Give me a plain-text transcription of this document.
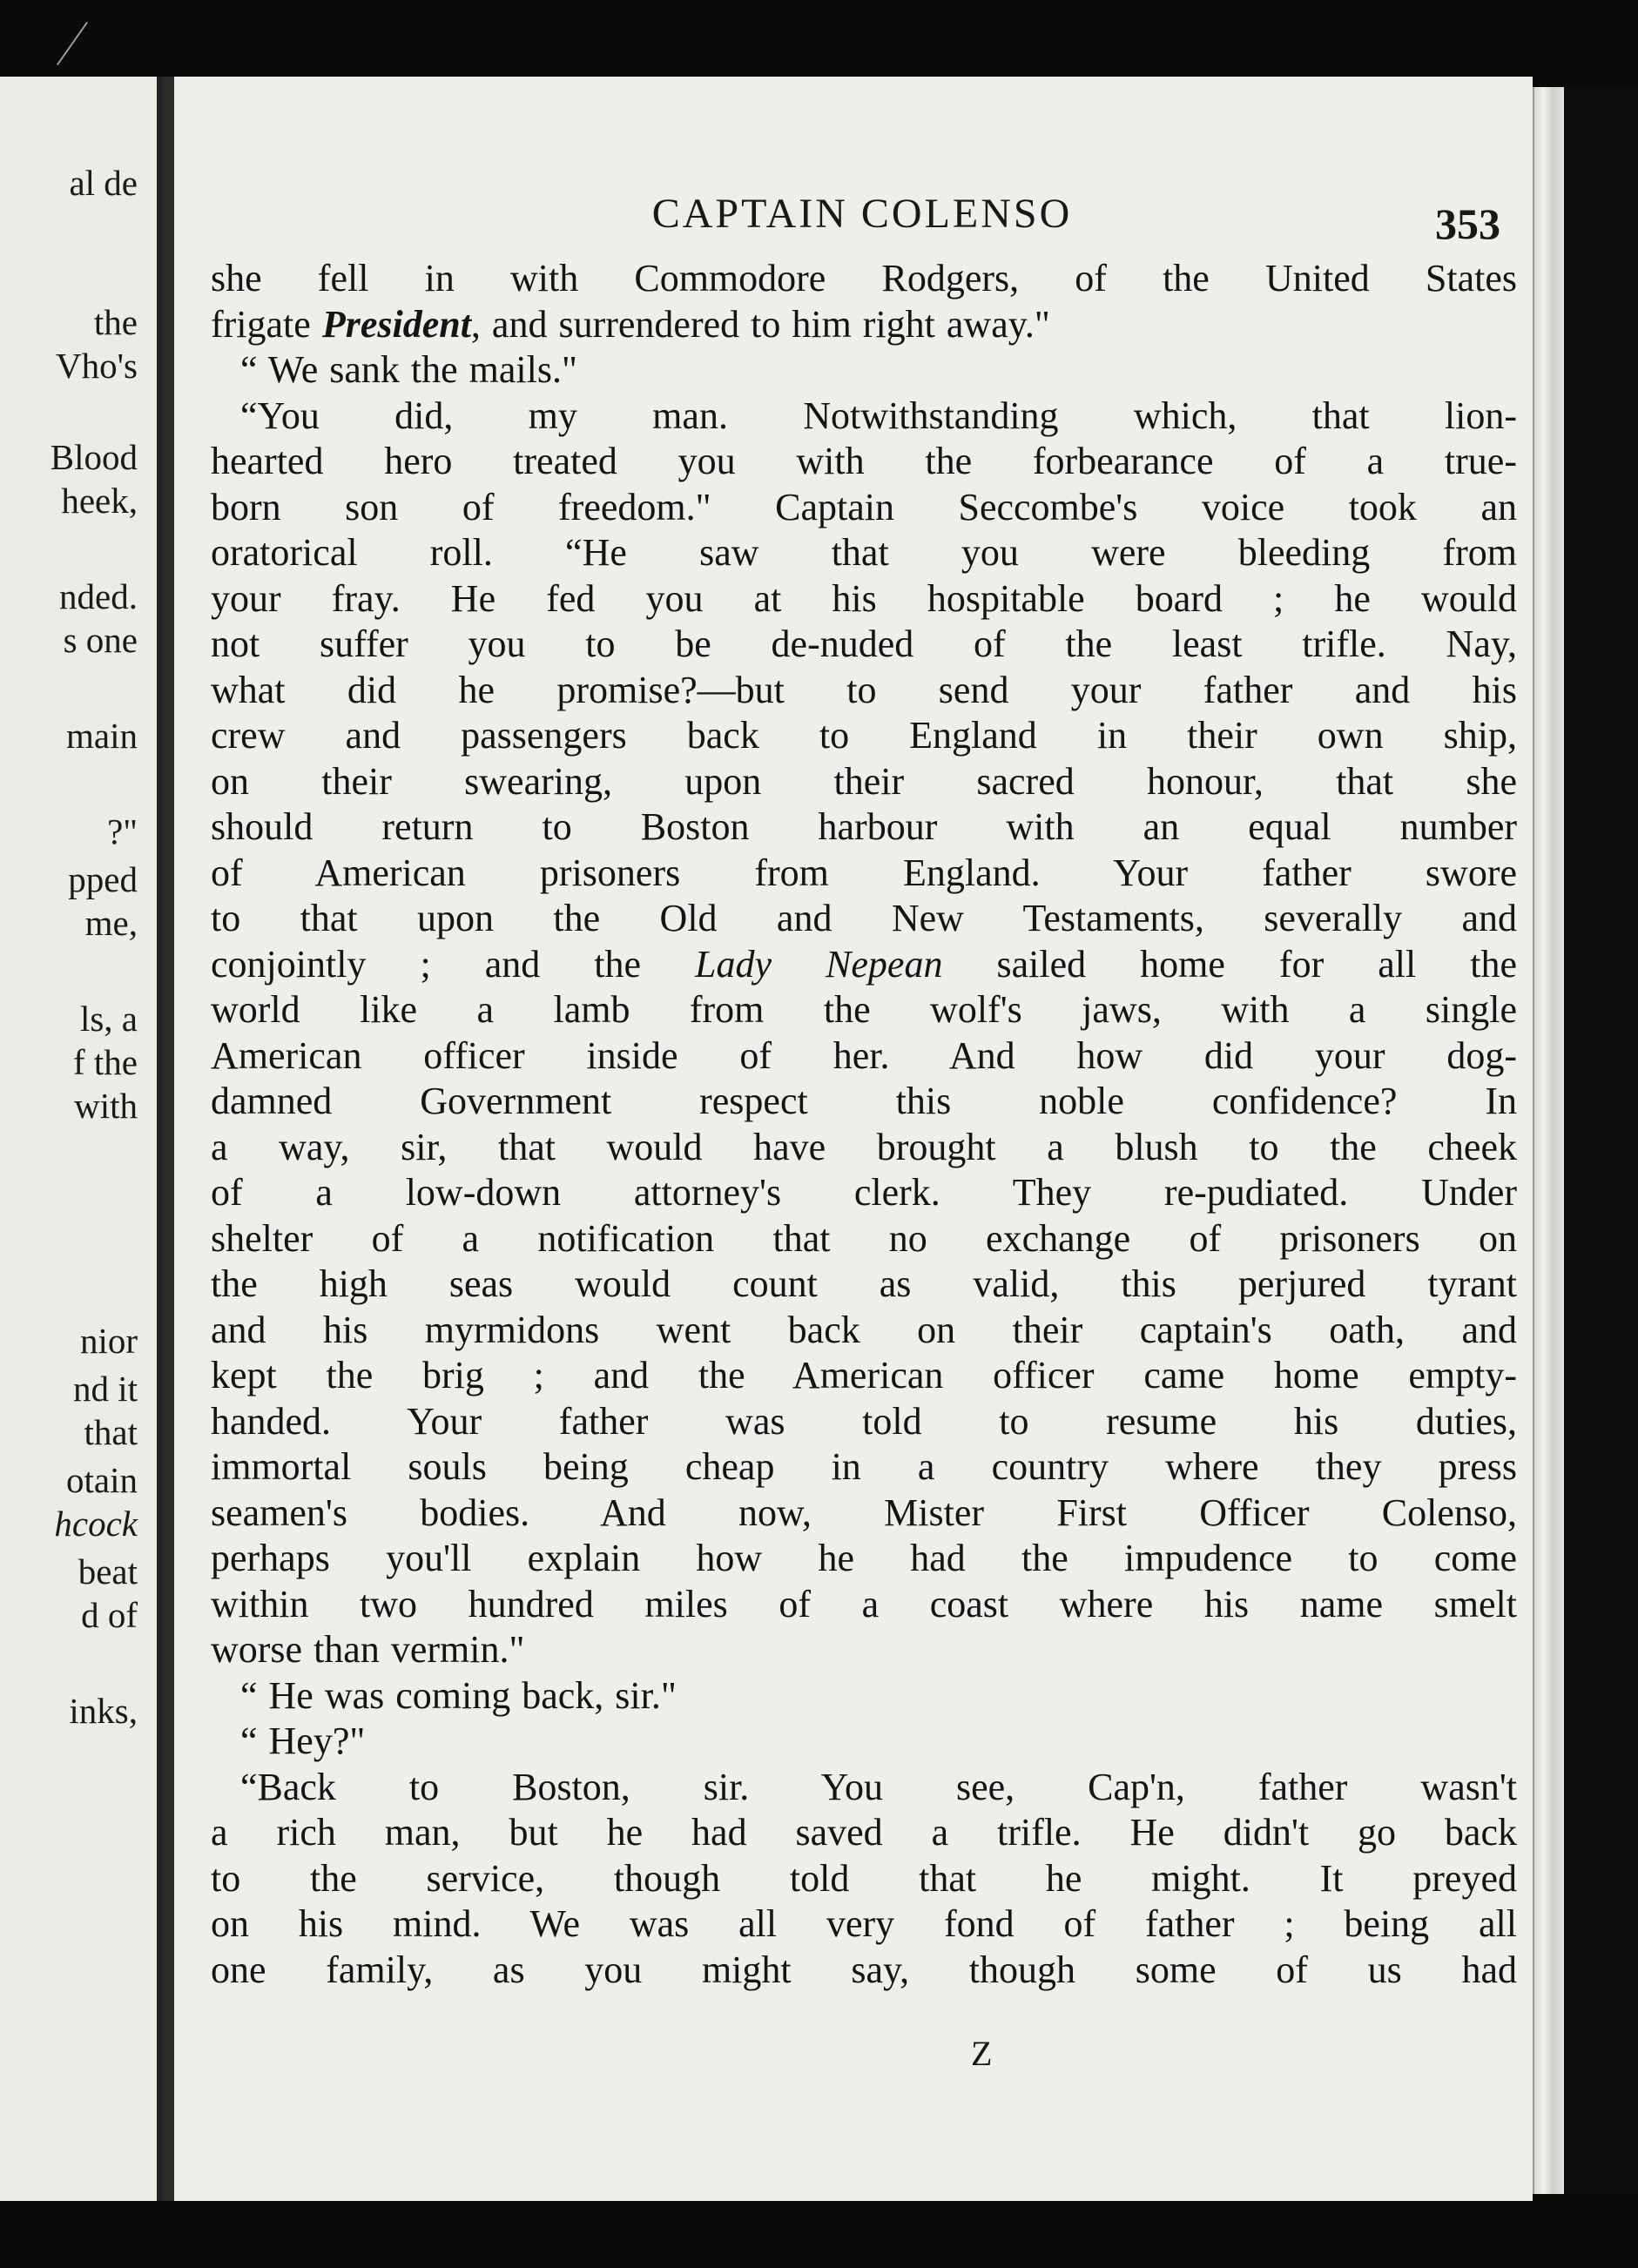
al de
the
Vho's
Blood
heek,
nded.
s one
main
?"
pped
me,
ls, a
f the
with
nior
nd it
that
otain
hcock
beat
d of
inks,
CAPTAIN COLENSO	353
she fell in with Commodore Rodgers, of the United States
frigate President, and surrendered to him right away."
“ We sank the mails."
“You did, my man. Notwithstanding which, that lion-
hearted hero treated you with the forbearance of a true-
born son of freedom." Captain Seccombe's voice took an
oratorical roll. “He saw that you were bleeding from
your fray. He fed you at his hospitable board ; he would
not suffer you to be de-nuded of the least trifle. Nay,
what did he promise?—but to send your father and his
crew and passengers back to England in their own ship,
on their swearing, upon their sacred honour, that she
should return to Boston harbour with an equal number
of American prisoners from England. Your father swore
to that upon the Old and New Testaments, severally and
conjointly ; and the Lady Nepean sailed home for all the
world like a lamb from the wolf's jaws, with a single
American officer inside of her. And how did your dog-
damned Government respect this noble confidence? In
a way, sir, that would have brought a blush to the cheek
of a low-down attorney's clerk. They re-pudiated. Under
shelter of a notification that no exchange of prisoners on
the high seas would count as valid, this perjured tyrant
and his myrmidons went back on their captain's oath, and
kept the brig ; and the American officer came home empty-
handed. Your father was told to resume his duties,
immortal souls being cheap in a country where they press
seamen's bodies. And now, Mister First Officer Colenso,
perhaps you'll explain how he had the impudence to come
within two hundred miles of a coast where his name smelt
worse than vermin."
“ He was coming back, sir."
“ Hey?"
“Back to Boston, sir. You see, Cap'n, father wasn't
a rich man, but he had saved a trifle. He didn't go back
to the service, though told that he might. It preyed
on his mind. We was all very fond of father ; being all
one family, as you might say, though some of us had
Z
